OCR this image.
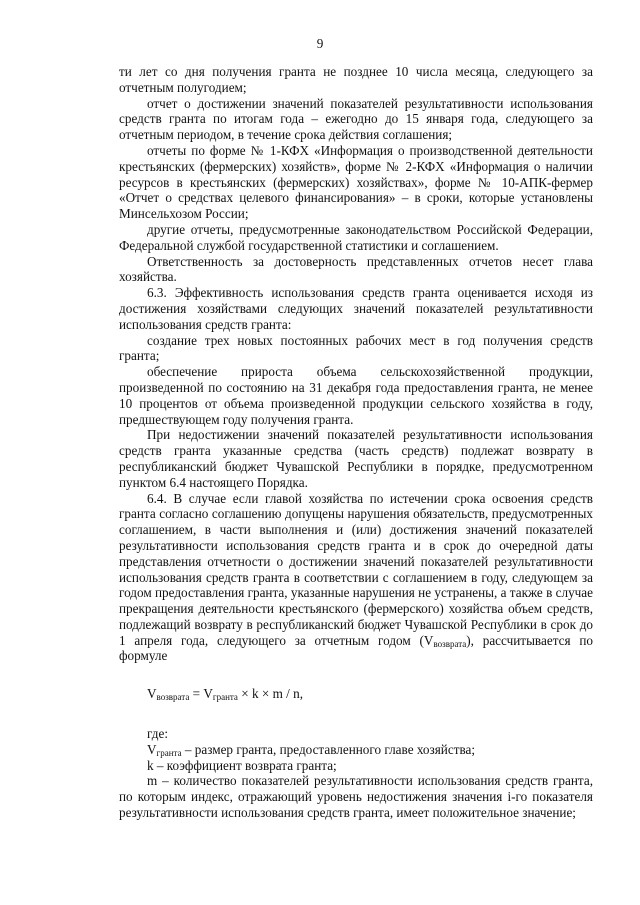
9

ти лет со дня получения гранта не позднее 10 числа месяца, следующего за отчетным полугодием;

отчет о достижении значений показателей результативности использования средств гранта по итогам года – ежегодно до 15 января года, следующего за отчетным периодом, в течение срока действия соглашения;

отчеты по форме № 1-КФХ «Информация о производственной деятельности крестьянских (фермерских) хозяйств», форме № 2-КФХ «Информация о наличии ресурсов в крестьянских (фермерских) хозяйствах», форме № 10-АПК-фермер «Отчет о средствах целевого финансирования» – в сроки, которые установлены Минсельхозом России;

другие отчеты, предусмотренные законодательством Российской Федерации, Федеральной службой государственной статистики и соглашением.

Ответственность за достоверность представленных отчетов несет глава хозяйства.

6.3. Эффективность использования средств гранта оценивается исходя из достижения хозяйствами следующих значений показателей результативности использования средств гранта:

создание трех новых постоянных рабочих мест в год получения средств гранта;

обеспечение прироста объема сельскохозяйственной продукции, произведенной по состоянию на 31 декабря года предоставления гранта, не менее 10 процентов от объема произведенной продукции сельского хозяйства в году, предшествующем году получения гранта.

При недостижении значений показателей результативности использования средств гранта указанные средства (часть средств) подлежат возврату в республиканский бюджет Чувашской Республики в порядке, предусмотренном пунктом 6.4 настоящего Порядка.

6.4. В случае если главой хозяйства по истечении срока освоения средств гранта согласно соглашению допущены нарушения обязательств, предусмотренных соглашением, в части выполнения и (или) достижения значений показателей результативности использования средств гранта и в срок до очередной даты представления отчетности о достижении значений показателей результативности использования средств гранта в соответствии с соглашением в году, следующем за годом предоставления гранта, указанные нарушения не устранены, а также в случае прекращения деятельности крестьянского (фермерского) хозяйства объем средств, подлежащий возврату в республиканский бюджет Чувашской Республики в срок до 1 апреля года, следующего за отчетным годом $(V_{возврата})$, рассчитывается по формуле

$V_{возврата} = V_{гранта} \times k \times m / n$,

где:

$V_{гранта}$ – размер гранта, предоставленного главе хозяйства;

k – коэффициент возврата гранта;

m – количество показателей результативности использования средств гранта, по которым индекс, отражающий уровень недостижения значения i-го показателя результативности использования средств гранта, имеет положительное значение;
